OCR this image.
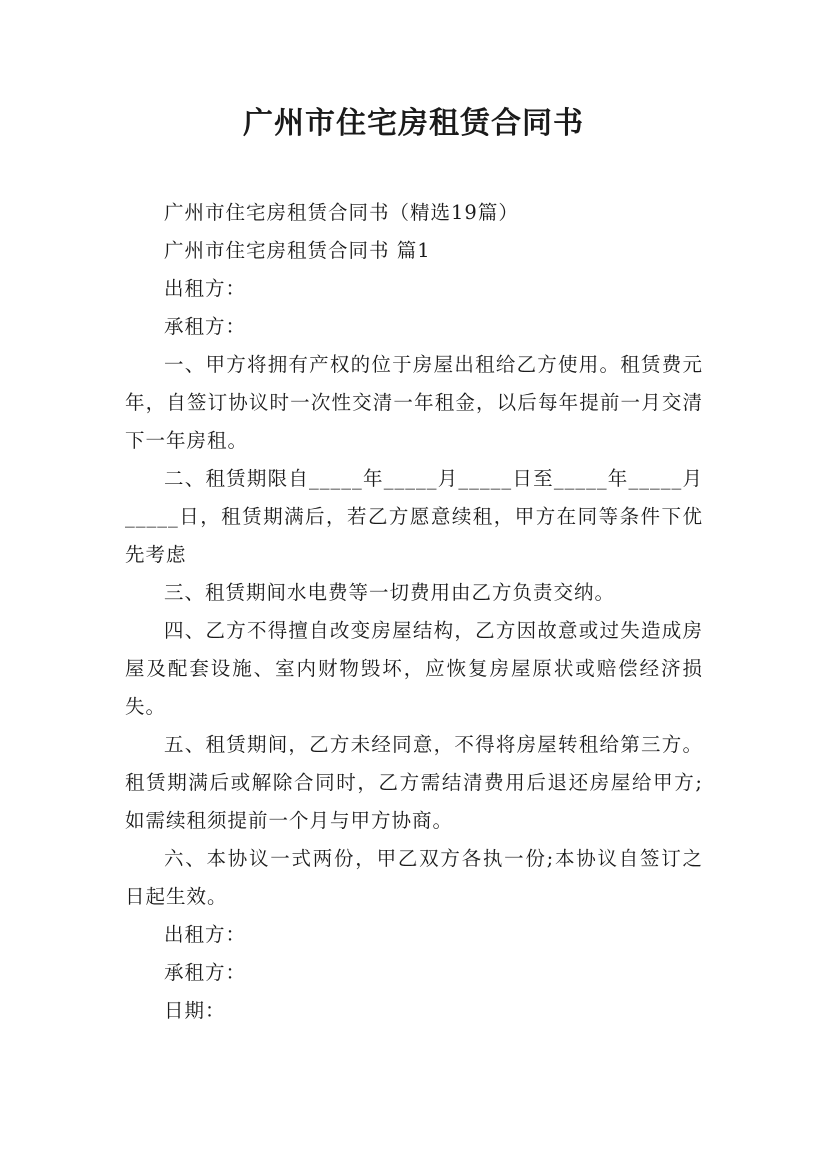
广州市住宅房租赁合同书

广州市住宅房租赁合同书（精选19篇）

广州市住宅房租赁合同书 篇1

出租方：

承租方：

一、甲方将拥有产权的位于房屋出租给乙方使用。租赁费元年，自签订协议时一次性交清一年租金，以后每年提前一月交清下一年房租。

二、租赁期限自_____年_____月_____日至_____年_____月_____日，租赁期满后，若乙方愿意续租，甲方在同等条件下优先考虑

三、租赁期间水电费等一切费用由乙方负责交纳。

四、乙方不得擅自改变房屋结构，乙方因故意或过失造成房屋及配套设施、室内财物毁坏，应恢复房屋原状或赔偿经济损失。

五、租赁期间，乙方未经同意，不得将房屋转租给第三方。租赁期满后或解除合同时，乙方需结清费用后退还房屋给甲方;如需续租须提前一个月与甲方协商。

六、本协议一式两份，甲乙双方各执一份;本协议自签订之日起生效。

出租方：

承租方：

日期：
